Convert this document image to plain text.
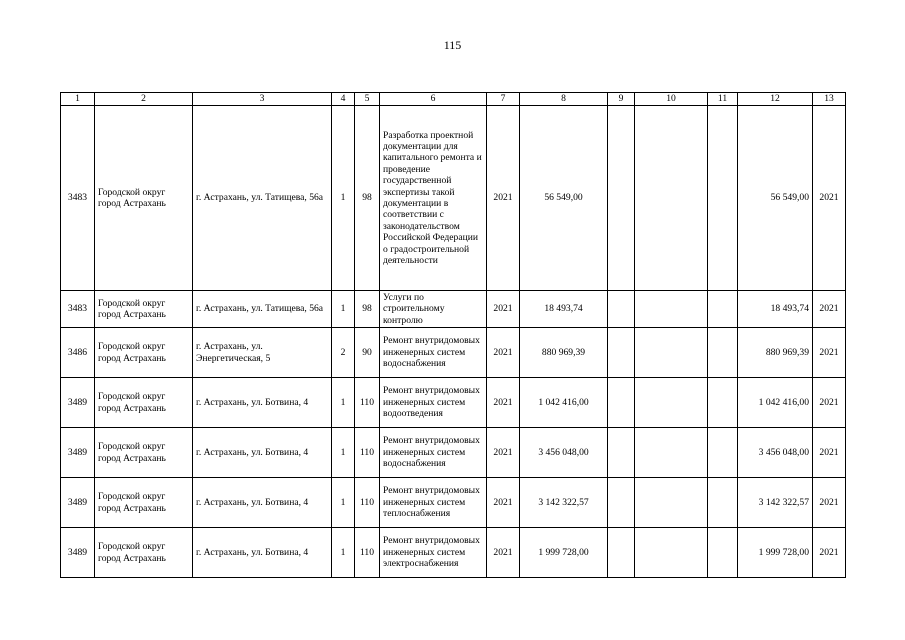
115
1	2	3	4	5	6	7	8	9	10	11	12	13
3483	Городской округ город Астрахань	г. Астрахань, ул. Татищева, 56а	1	98	Разработка проектной документации для капитального ремонта и проведение государственной экспертизы такой документации в соответствии с законодательством Российской Федерации о градостроительной деятельности	2021	56 549,00				56 549,00	2021
3483	Городской округ город Астрахань	г. Астрахань, ул. Татищева, 56а	1	98	Услуги по строительному контролю	2021	18 493,74				18 493,74	2021
3486	Городской округ город Астрахань	г. Астрахань, ул. Энергетическая, 5	2	90	Ремонт внутридомовых инженерных систем водоснабжения	2021	880 969,39				880 969,39	2021
3489	Городской округ город Астрахань	г. Астрахань, ул. Ботвина, 4	1	110	Ремонт внутридомовых инженерных систем водоотведения	2021	1 042 416,00				1 042 416,00	2021
3489	Городской округ город Астрахань	г. Астрахань, ул. Ботвина, 4	1	110	Ремонт внутридомовых инженерных систем водоснабжения	2021	3 456 048,00				3 456 048,00	2021
3489	Городской округ город Астрахань	г. Астрахань, ул. Ботвина, 4	1	110	Ремонт внутридомовых инженерных систем теплоснабжения	2021	3 142 322,57				3 142 322,57	2021
3489	Городской округ город Астрахань	г. Астрахань, ул. Ботвина, 4	1	110	Ремонт внутридомовых инженерных систем электроснабжения	2021	1 999 728,00				1 999 728,00	2021
